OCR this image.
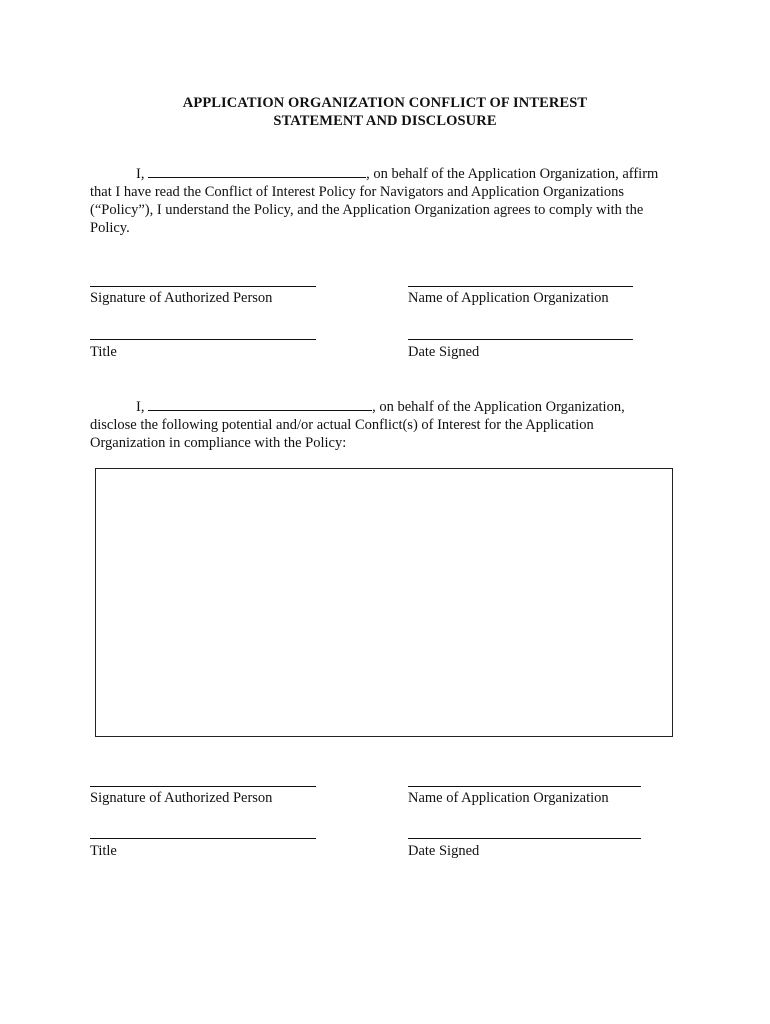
APPLICATION ORGANIZATION CONFLICT OF INTEREST
STATEMENT AND DISCLOSURE
I,	, on behalf of the Application Organization, affirm
that I have read the Conflict of Interest Policy for Navigators and Application Organizations
(“Policy”), I understand the Policy, and the Application Organization agrees to comply with the
Policy.
Signature of Authorized Person	Name of Application Organization
Title	Date Signed
I,	, on behalf of the Application Organization,
disclose the following potential and/or actual Conflict(s) of Interest for the Application
Organization in compliance with the Policy:
Signature of Authorized Person	Name of Application Organization
Title	Date Signed
